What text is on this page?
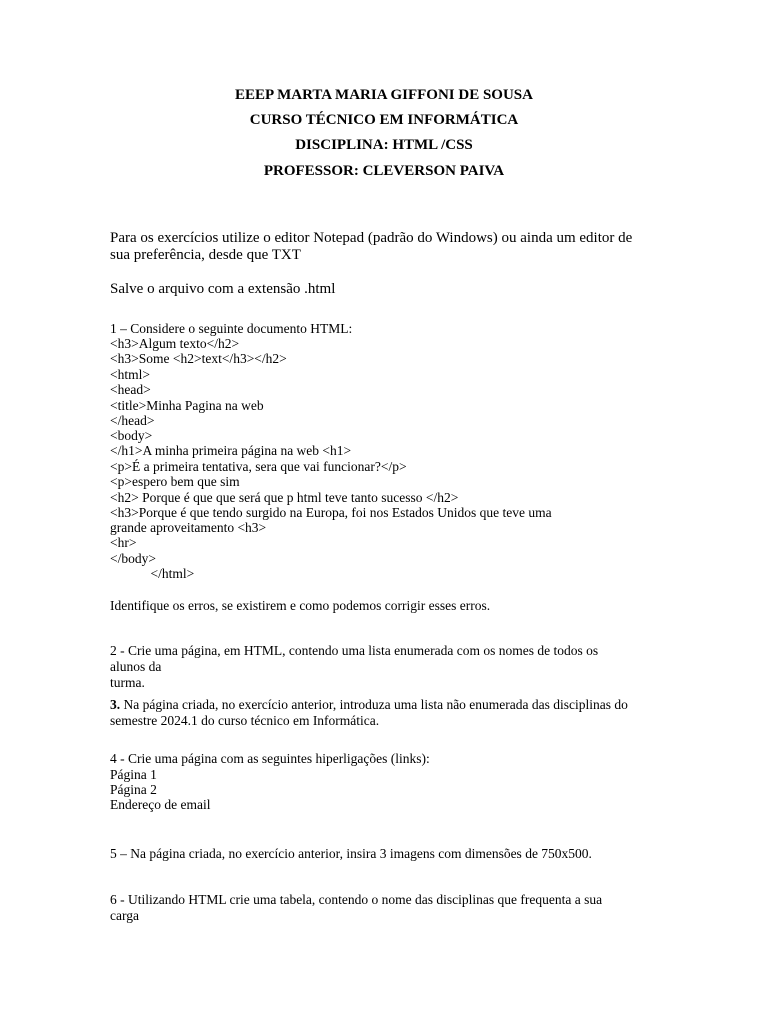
EEEP MARTA MARIA GIFFONI DE SOUSA
CURSO TÉCNICO EM INFORMÁTICA
DISCIPLINA: HTML /CSS
PROFESSOR: CLEVERSON PAIVA
Para os exercícios utilize o editor Notepad (padrão do Windows) ou ainda um editor de
sua preferência, desde que TXT
Salve o arquivo com a extensão .html
1 – Considere o seguinte documento HTML:
<h3>Algum texto</h2>
<h3>Some <h2>text</h3></h2>
<html>
<head>
<title>Minha Pagina na web
</head>
<body>
</h1>A minha primeira página na web <h1>
<p>É a primeira tentativa, sera que vai funcionar?</p>
<p>espero bem que sim
<h2> Porque é que que será que p html teve tanto sucesso </h2>
<h3>Porque é que tendo surgido na Europa, foi nos Estados Unidos que teve uma
grande aproveitamento <h3>
<hr>
</body>
</html>
Identifique os erros, se existirem e como podemos corrigir esses erros.
2 - Crie uma página, em HTML, contendo uma lista enumerada com os nomes de todos os
alunos da
turma.
3. Na página criada, no exercício anterior, introduza uma lista não enumerada das disciplinas do
semestre 2024.1 do curso técnico em Informática.
4 - Crie uma página com as seguintes hiperligações (links):
Página 1
Página 2
Endereço de email
5 – Na página criada, no exercício anterior, insira 3 imagens com dimensões de 750x500.
6 - Utilizando HTML crie uma tabela, contendo o nome das disciplinas que frequenta a sua
carga
